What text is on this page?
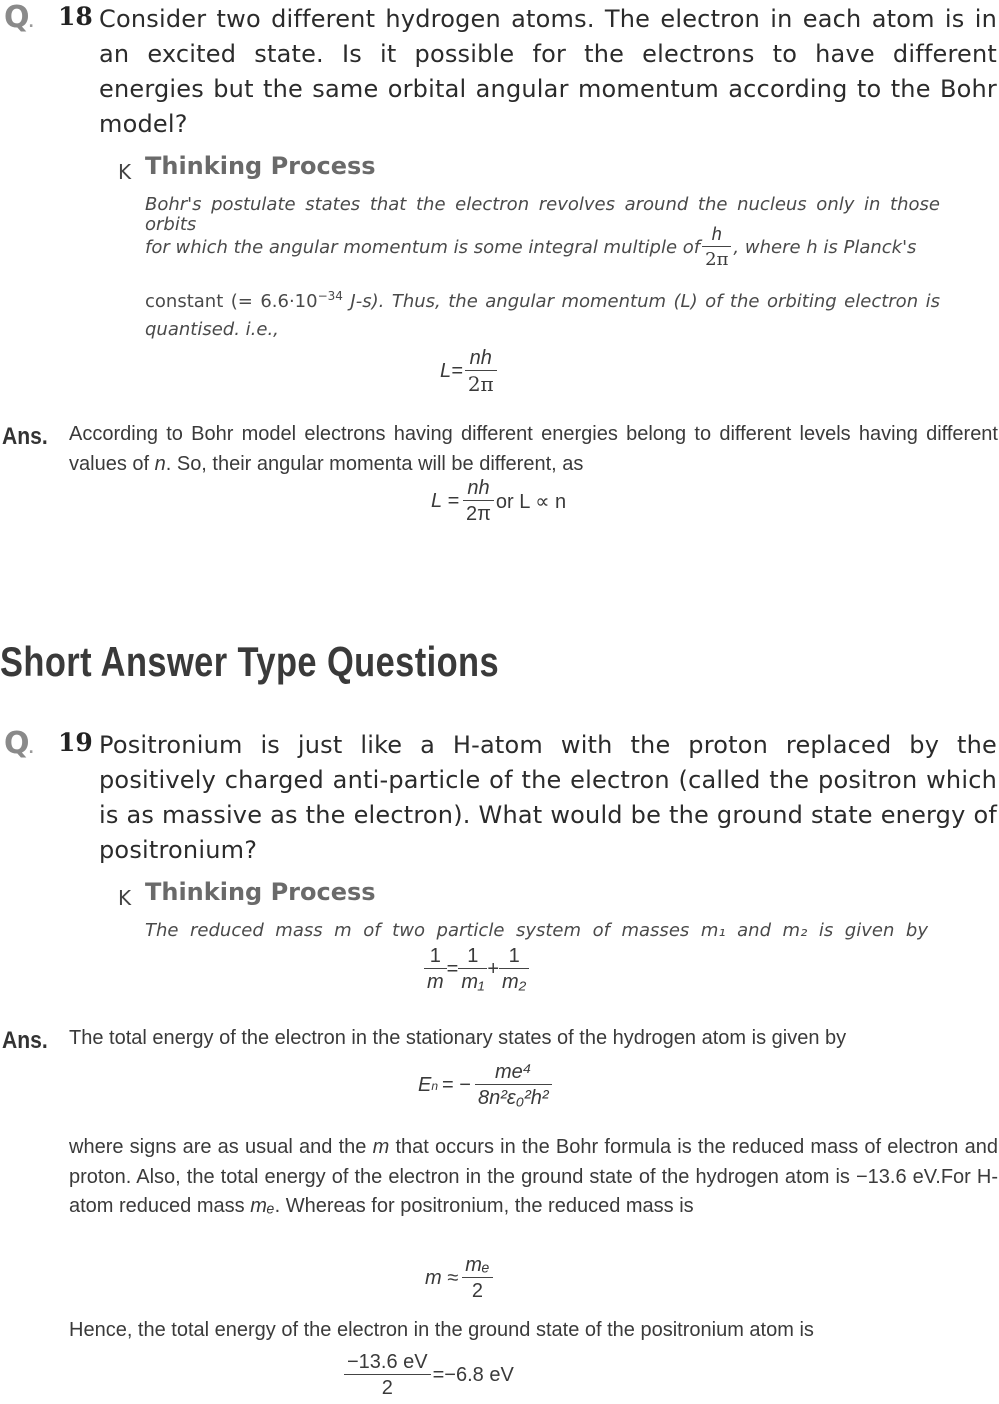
Q. 18 Consider two different hydrogen atoms. The electron in each atom is in an excited state. Is it possible for the electrons to have different energies but the same orbital angular momentum according to the Bohr model?
K Thinking Process
Bohr's postulate states that the electron revolves around the nucleus only in those orbits
for which the angular momentum is some integral multiple of $\frac{h}{2\pi}$ , where h is Planck's
constant (= $6.6\cdot 10^{-34}$ J-s). Thus, the angular momentum (L) of the orbiting electron is
quantised. i.e.,
$L= \frac{nh}{2\pi}$
Ans. According to Bohr model electrons having different energies belong to different levels having different values of n. So, their angular momenta will be different, as
$L = \frac{nh}{2\pi}$ or L ∝ n
Short Answer Type Questions
Q. 19 Positronium is just like a H-atom with the proton replaced by the positively charged anti-particle of the electron (called the positron which is as massive as the electron). What would be the ground state energy of positronium?
K Thinking Process
The reduced mass m of two particle system of masses m₁ and m₂ is given by
$\frac{1}{m} = \frac{1}{\text{m₁}} + \frac{1}{\text{m₂}}$
Ans. The total energy of the electron in the stationary states of the hydrogen atom is given by
E n = − $\frac{\text{me⁴}}{\text{8n²ε₀²h²}}$
where signs are as usual and the m that occurs in the Bohr formula is the reduced mass of electron and proton. Also, the total energy of the electron in the ground state of the hydrogen atom is −13.6 eV.For H-atom reduced mass mₑ. Whereas for positronium, the reduced mass is
$m \approx \frac{\text{mₑ}}{2}$
Hence, the total energy of the electron in the ground state of the positronium atom is
$\frac{-13.6 eV}{2} =-6.8$ eV
